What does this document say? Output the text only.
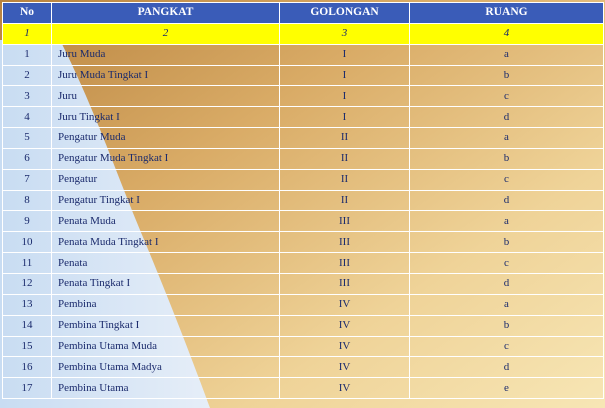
No	PANGKAT	GOLONGAN	RUANG
1	2	3	4
1	Juru Muda	I	a
2	Juru Muda Tingkat I	I	b
3	Juru	I	c
4	Juru Tingkat I	I	d
5	Pengatur Muda	II	a
6	Pengatur Muda Tingkat I	II	b
7	Pengatur	II	c
8	Pengatur Tingkat I	II	d
9	Penata Muda	III	a
10	Penata Muda Tingkat I	III	b
11	Penata	III	c
12	Penata Tingkat I	III	d
13	Pembina	IV	a
14	Pembina Tingkat I	IV	b
15	Pembina Utama Muda	IV	c
16	Pembina Utama Madya	IV	d
17	Pembina Utama	IV	e
